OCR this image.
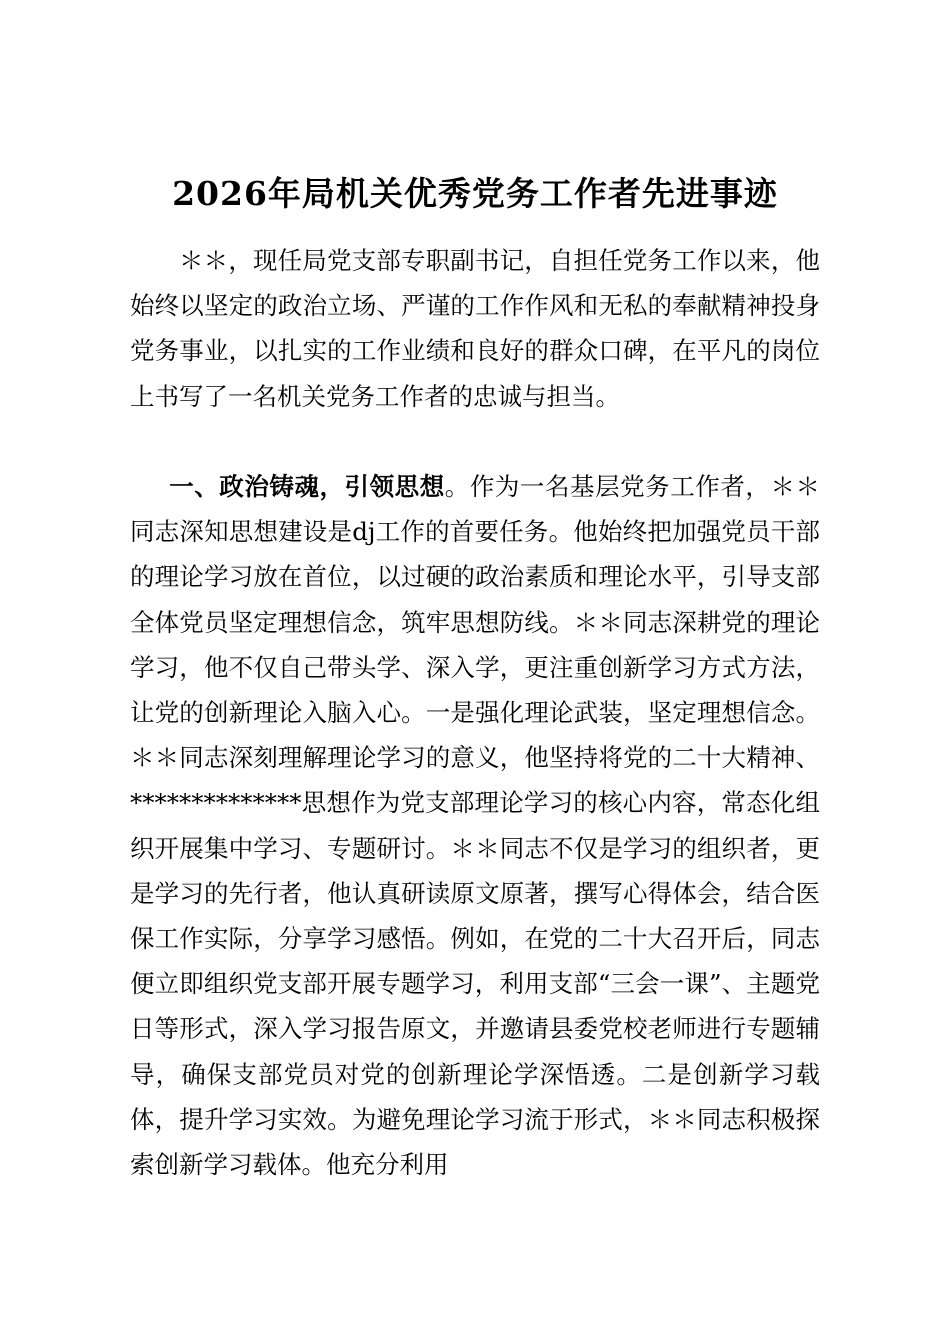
2026年局机关优秀党务工作者先进事迹

＊＊，现任局党支部专职副书记，自担任党务工作以来，他始终以坚定的政治立场、严谨的工作作风和无私的奉献精神投身党务事业，以扎实的工作业绩和良好的群众口碑，在平凡的岗位上书写了一名机关党务工作者的忠诚与担当。

一、政治铸魂，引领思想。作为一名基层党务工作者，＊＊同志深知思想建设是dj工作的首要任务。他始终把加强党员干部的理论学习放在首位，以过硬的政治素质和理论水平，引导支部全体党员坚定理想信念，筑牢思想防线。＊＊同志深耕党的理论学习，他不仅自己带头学、深入学，更注重创新学习方式方法，让党的创新理论入脑入心。一是强化理论武装，坚定理想信念。＊＊同志深刻理解理论学习的意义，他坚持将党的二十大精神、**************思想作为党支部理论学习的核心内容，常态化组织开展集中学习、专题研讨。＊＊同志不仅是学习的组织者，更是学习的先行者，他认真研读原文原著，撰写心得体会，结合医保工作实际，分享学习感悟。例如，在党的二十大召开后，同志便立即组织党支部开展专题学习，利用支部“三会一课”、主题党日等形式，深入学习报告原文，并邀请县委党校老师进行专题辅导，确保支部党员对党的创新理论学深悟透。二是创新学习载体，提升学习实效。为避免理论学习流于形式，＊＊同志积极探索创新学习载体。他充分利用
